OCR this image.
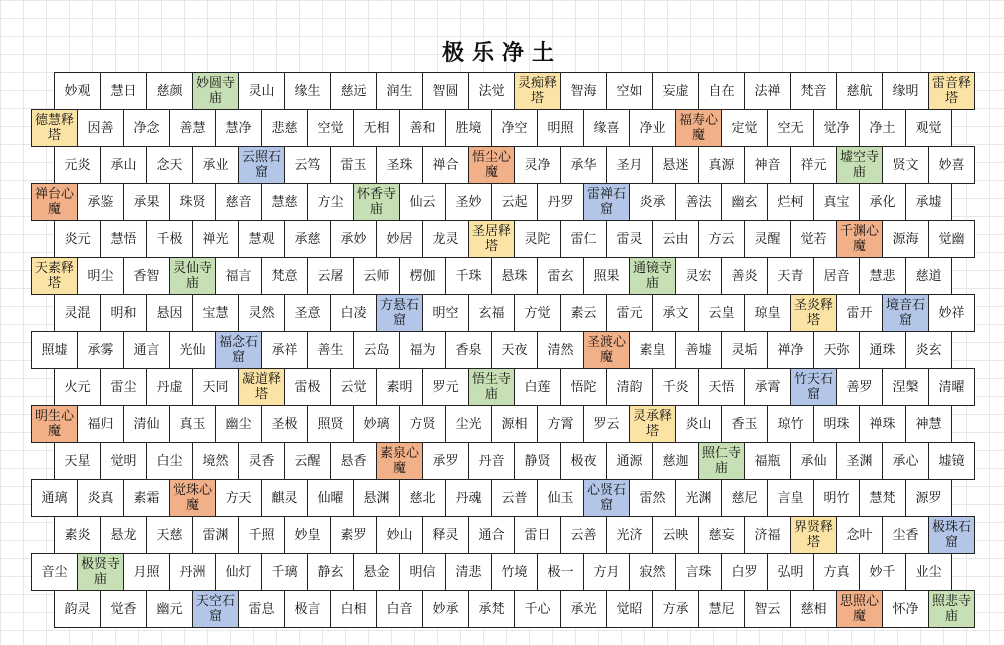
极乐净土
妙观	慧日	慈颜	妙圆寺庙	灵山	缘生	慈远	润生	智圆	法觉	灵痴释塔	智海	空如	妄虚	自在	法禅	梵音	慈航	缘明	雷音释塔
德慧释塔	因善	净念	善慧	慧净	悲慈	空觉	无相	善和	胜境	净空	明照	缘喜	净业	福寿心魔	定觉	空无	觉净	净土	观觉
元炎	承山	念天	承业	云照石窟	云笃	雷玉	圣珠	禅合	悟尘心魔	灵净	承华	圣月	悬迷	真源	神音	祥元	墟空寺庙	贤文	妙喜
禅台心魔	承鉴	承果	珠贤	慈音	慧慈	方尘	怀香寺庙	仙云	圣妙	云起	丹罗	雷禅石窟	炎承	善法	幽玄	烂柯	真宝	承化	承墟
炎元	慧悟	千极	禅光	慧观	承慈	承妙	妙居	龙灵	圣居释塔	灵陀	雷仁	雷灵	云由	方云	灵醒	觉若	千渊心魔	源海	觉幽
天素释塔	明尘	香智	灵仙寺庙	福言	梵意	云屠	云师	楞伽	千珠	悬珠	雷玄	照果	通镜寺庙	灵宏	善炎	天青	居音	慧悲	慈道
灵混	明和	悬因	宝慧	灵然	圣意	白凌	方悬石窟	明空	玄福	方觉	素云	雷元	承文	云皇	琼皇	圣炎释塔	雷开	境音石窟	妙祥
照墟	承雾	通言	光仙	福念石窟	承祥	善生	云岛	福为	香泉	天夜	清然	圣渡心魔	素皇	善墟	灵垢	禅净	天弥	通珠	炎玄
火元	雷尘	丹虚	天同	凝道释塔	雷极	云觉	素明	罗元	悟生寺庙	白莲	悟陀	清韵	千炎	天悟	承霄	竹天石窟	善罗	涅槃	清曜
明生心魔	福归	清仙	真玉	幽尘	圣极	照贤	妙璃	方贤	尘光	源相	方霄	罗云	灵承释塔	炎山	香玉	琼竹	明珠	禅珠	神慧
天星	觉明	白尘	境然	灵香	云醒	悬香	素泉心魔	承罗	丹音	静贤	极夜	通源	慈迦	照仁寺庙	福瓶	承仙	圣渊	承心	墟镜
通璃	炎真	素霜	觉珠心魔	方天	麒灵	仙曜	悬渊	慈北	丹魂	云普	仙玉	心贤石窟	雷然	光渊	慈尼	言皇	明竹	慧梵	源罗
素炎	悬龙	天慈	雷渊	千照	妙皇	素罗	妙山	释灵	通合	雷日	云善	光济	云映	慈妄	济福	界贤释塔	念叶	尘香	极珠石窟
音尘	极贤寺庙	月照	丹洲	仙灯	千璃	静玄	悬金	明信	清悲	竹境	极一	方月	寂然	言珠	白罗	弘明	方真	妙千	业尘
韵灵	觉香	幽元	天空石窟	雷息	极言	白相	白音	妙承	承梵	千心	承光	觉昭	方承	慧尼	智云	慈相	思照心魔	怀净	照悲寺庙
